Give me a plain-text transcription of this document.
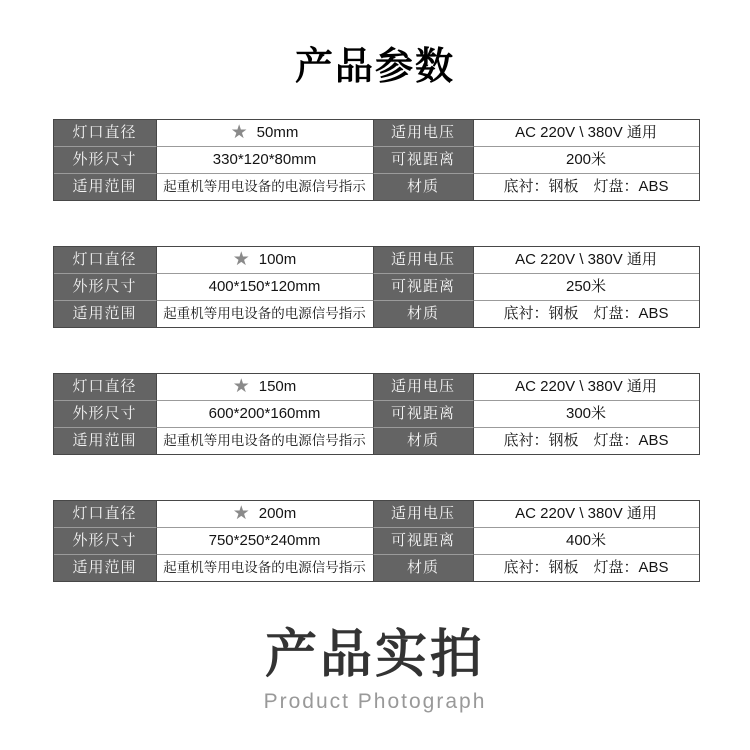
产品参数
灯口直径	★ 50mm	适用电压	AC 220V \ 380V 通用
外形尺寸	330*120*80mm	可视距离	200米
适用范围	起重机等用电设备的电源信号指示	材质	底衬：钢板　灯盘：ABS
灯口直径	★ 100m	适用电压	AC 220V \ 380V 通用
外形尺寸	400*150*120mm	可视距离	250米
适用范围	起重机等用电设备的电源信号指示	材质	底衬：钢板　灯盘：ABS
灯口直径	★ 150m	适用电压	AC 220V \ 380V 通用
外形尺寸	600*200*160mm	可视距离	300米
适用范围	起重机等用电设备的电源信号指示	材质	底衬：钢板　灯盘：ABS
灯口直径	★ 200m	适用电压	AC 220V \ 380V 通用
外形尺寸	750*250*240mm	可视距离	400米
适用范围	起重机等用电设备的电源信号指示	材质	底衬：钢板　灯盘：ABS
产品实拍
Product Photograph
